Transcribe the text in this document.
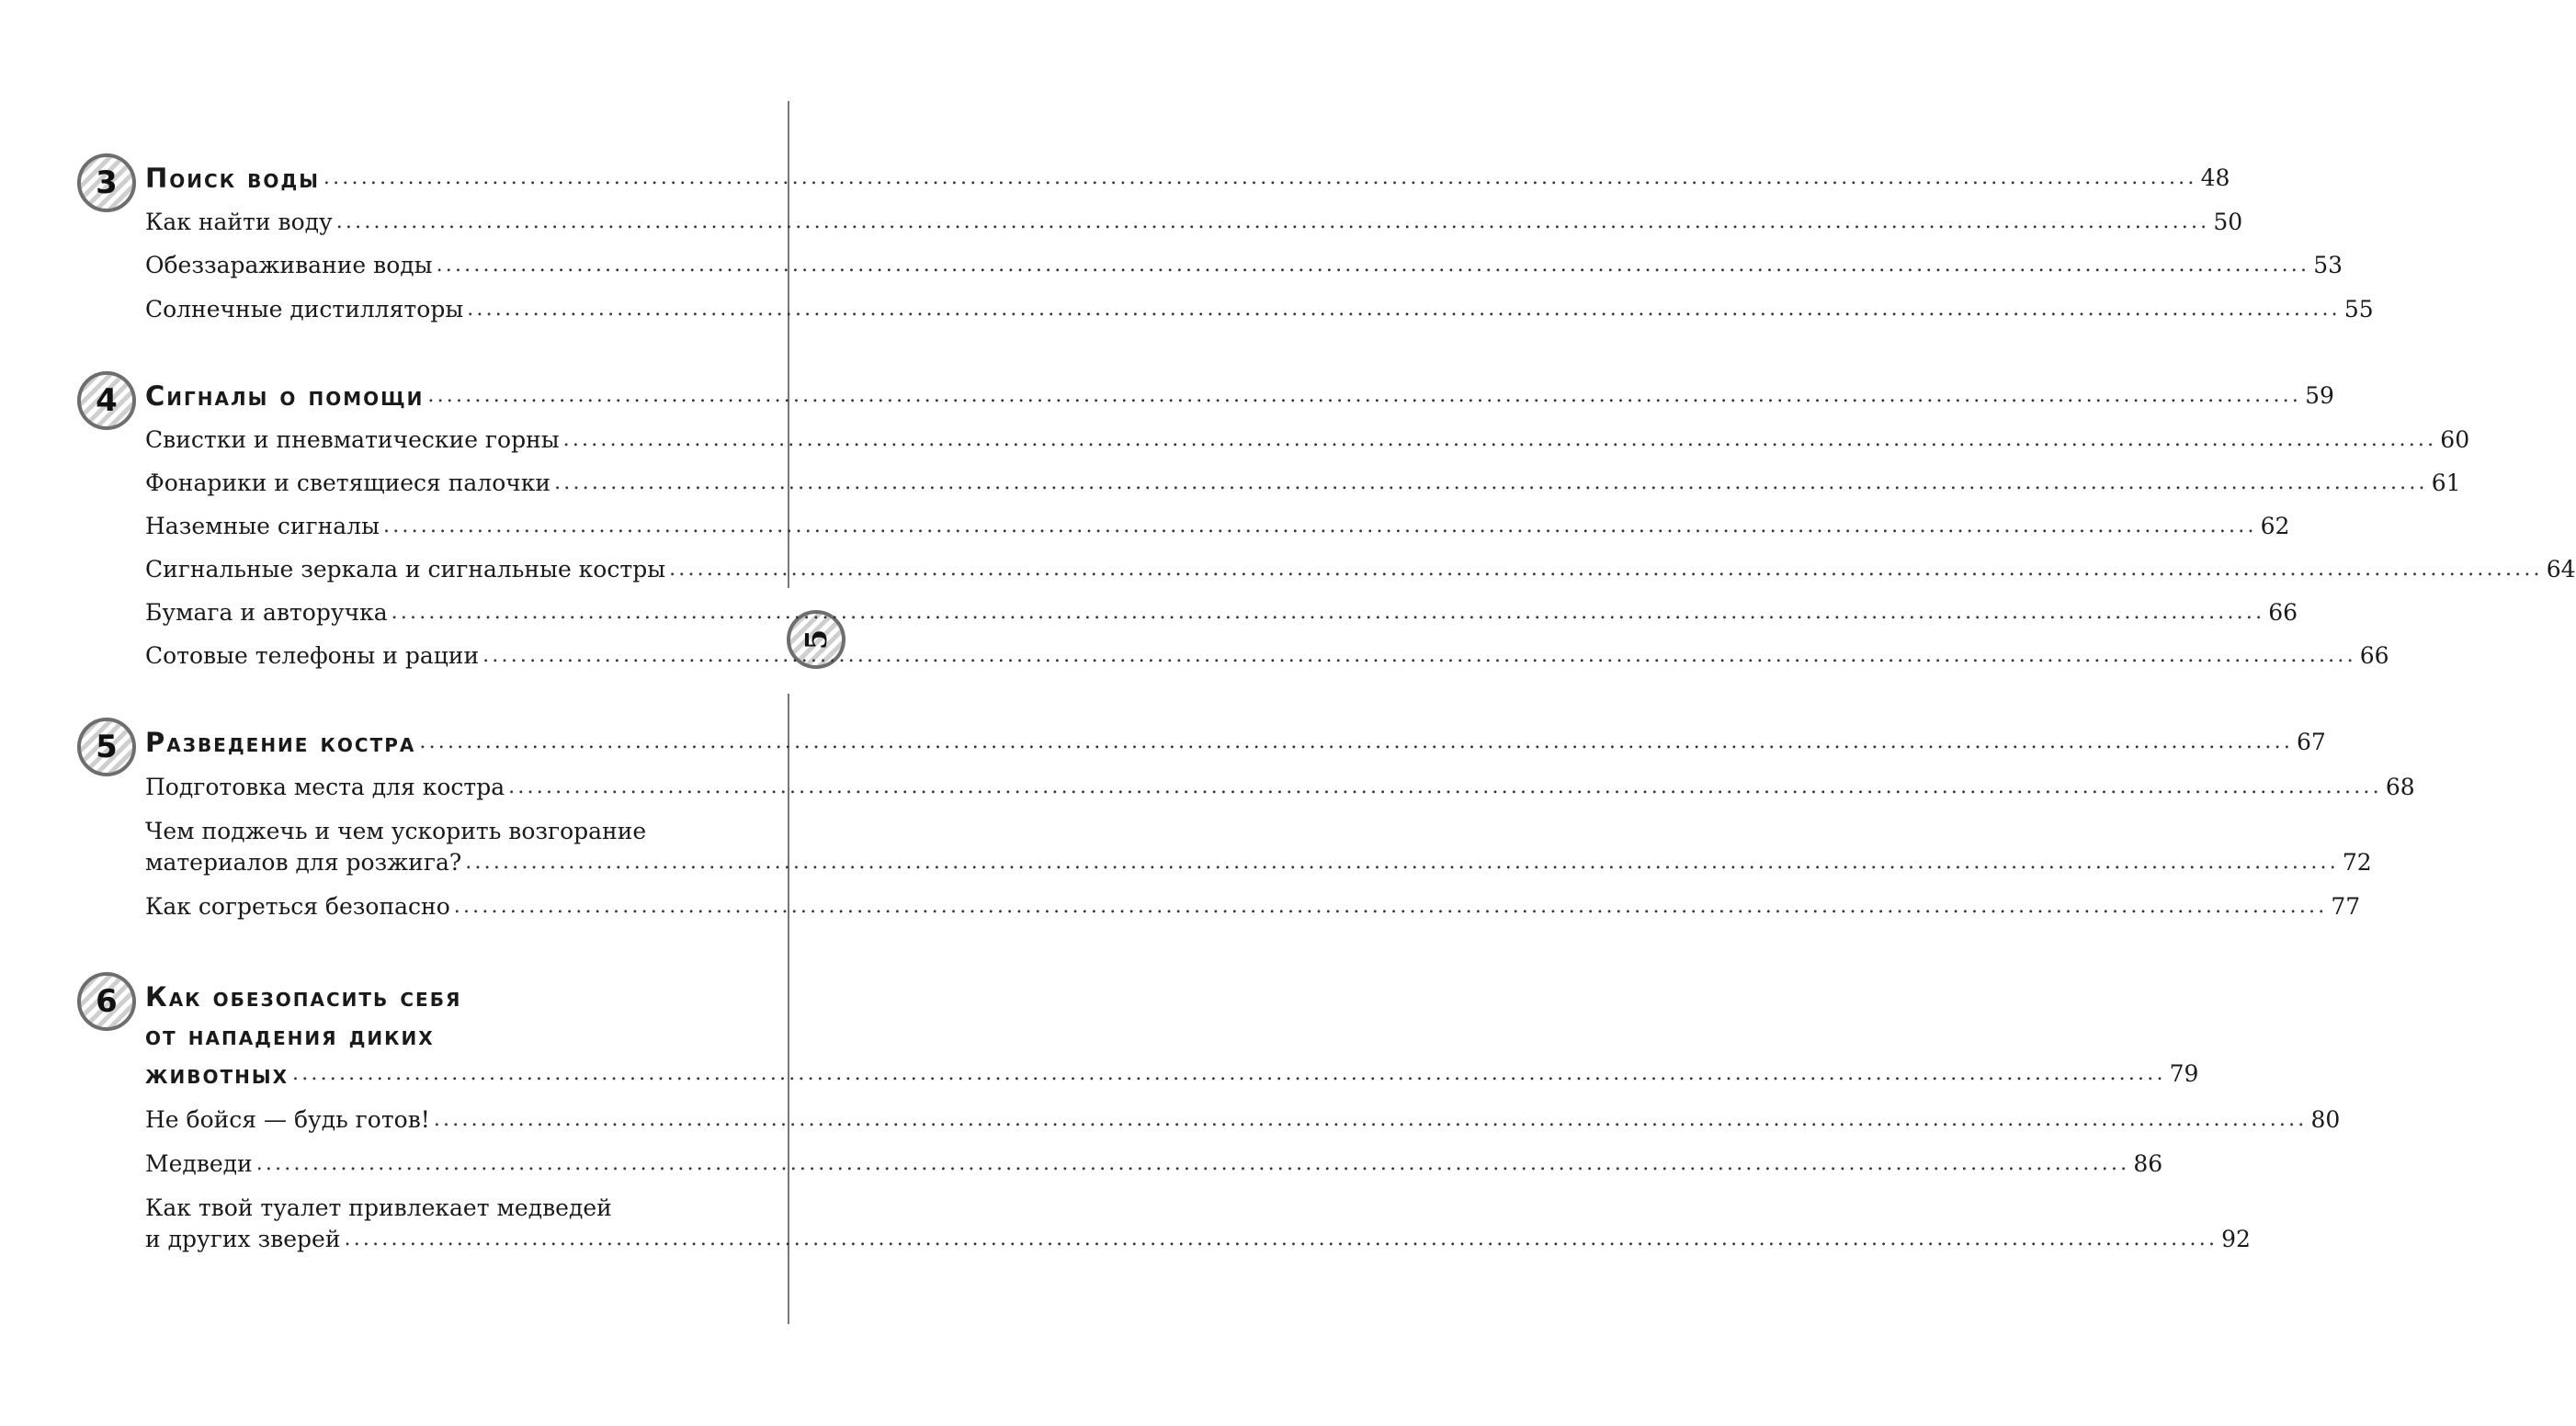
5
3 Поиск воды ........................................................................................................................................................................................................ 48
Как найти воду ........................................................................................................................................................................................................ 50
Обеззараживание воды ........................................................................................................................................................................................................ 53
Солнечные дистилляторы ........................................................................................................................................................................................................ 55
4 Сигналы о помощи ........................................................................................................................................................................................................ 59
Свистки и пневматические горны ........................................................................................................................................................................................................ 60
Фонарики и светящиеся палочки ........................................................................................................................................................................................................ 61
Наземные сигналы ........................................................................................................................................................................................................ 62
Сигнальные зеркала и сигнальные костры ........................................................................................................................................................................................................ 64
Бумага и авторучка ........................................................................................................................................................................................................ 66
Сотовые телефоны и рации ........................................................................................................................................................................................................ 66
5 Разведение костра ........................................................................................................................................................................................................ 67
Подготовка места для костра ........................................................................................................................................................................................................ 68
Чем поджечь и чем ускорить возгорание
материалов для розжига? ........................................................................................................................................................................................................ 72
Как согреться безопасно ........................................................................................................................................................................................................ 77
6 Как обезопасить себя
от нападения диких
животных ........................................................................................................................................................................................................ 79
Не бойся — будь готов! ........................................................................................................................................................................................................ 80
Медведи ........................................................................................................................................................................................................ 86
Как твой туалет привлекает медведей
и других зверей ........................................................................................................................................................................................................ 92
